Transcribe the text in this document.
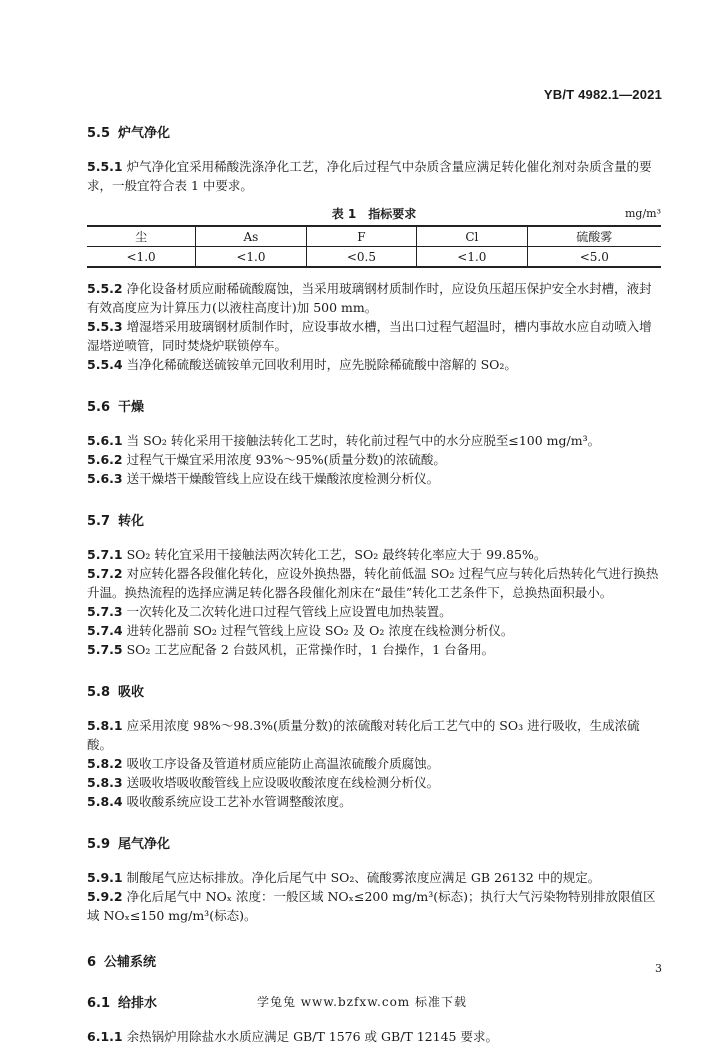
YB/T 4982.1—2021
5.5 炉气净化
5.5.1 炉气净化宜采用稀酸洗涤净化工艺，净化后过程气中杂质含量应满足转化催化剂对杂质含量的要求，一般宜符合表 1 中要求。
表 1　指标要求	mg/m³
尘	As	F	Cl	硫酸雾
<1.0	<1.0	<0.5	<1.0	<5.0
5.5.2 净化设备材质应耐稀硫酸腐蚀，当采用玻璃钢材质制作时，应设负压超压保护安全水封槽，液封有效高度应为计算压力(以液柱高度计)加 500 mm。
5.5.3 增湿塔采用玻璃钢材质制作时，应设事故水槽，当出口过程气超温时，槽内事故水应自动喷入增湿塔逆喷管，同时焚烧炉联锁停车。
5.5.4 当净化稀硫酸送硫铵单元回收利用时，应先脱除稀硫酸中溶解的 SO₂。
5.6 干燥
5.6.1 当 SO₂ 转化采用干接触法转化工艺时，转化前过程气中的水分应脱至≤100 mg/m³。
5.6.2 过程气干燥宜采用浓度 93%～95%(质量分数)的浓硫酸。
5.6.3 送干燥塔干燥酸管线上应设在线干燥酸浓度检测分析仪。
5.7 转化
5.7.1 SO₂ 转化宜采用干接触法两次转化工艺，SO₂ 最终转化率应大于 99.85%。
5.7.2 对应转化器各段催化转化，应设外换热器，转化前低温 SO₂ 过程气应与转化后热转化气进行换热升温。换热流程的选择应满足转化器各段催化剂床在“最佳”转化工艺条件下，总换热面积最小。
5.7.3 一次转化及二次转化进口过程气管线上应设置电加热装置。
5.7.4 进转化器前 SO₂ 过程气管线上应设 SO₂ 及 O₂ 浓度在线检测分析仪。
5.7.5 SO₂ 工艺应配备 2 台鼓风机，正常操作时，1 台操作，1 台备用。
5.8 吸收
5.8.1 应采用浓度 98%～98.3%(质量分数)的浓硫酸对转化后工艺气中的 SO₃ 进行吸收，生成浓硫酸。
5.8.2 吸收工序设备及管道材质应能防止高温浓硫酸介质腐蚀。
5.8.3 送吸收塔吸收酸管线上应设吸收酸浓度在线检测分析仪。
5.8.4 吸收酸系统应设工艺补水管调整酸浓度。
5.9 尾气净化
5.9.1 制酸尾气应达标排放。净化后尾气中 SO₂、硫酸雾浓度应满足 GB 26132 中的规定。
5.9.2 净化后尾气中 NOₓ 浓度：一般区域 NOₓ≤200 mg/m³(标态)；执行大气污染物特别排放限值区域 NOₓ≤150 mg/m³(标态)。
6 公辅系统
6.1 给排水
6.1.1 余热锅炉用除盐水水质应满足 GB/T 1576 或 GB/T 12145 要求。
3
学兔兔 www.bzfxw.com 标准下载
